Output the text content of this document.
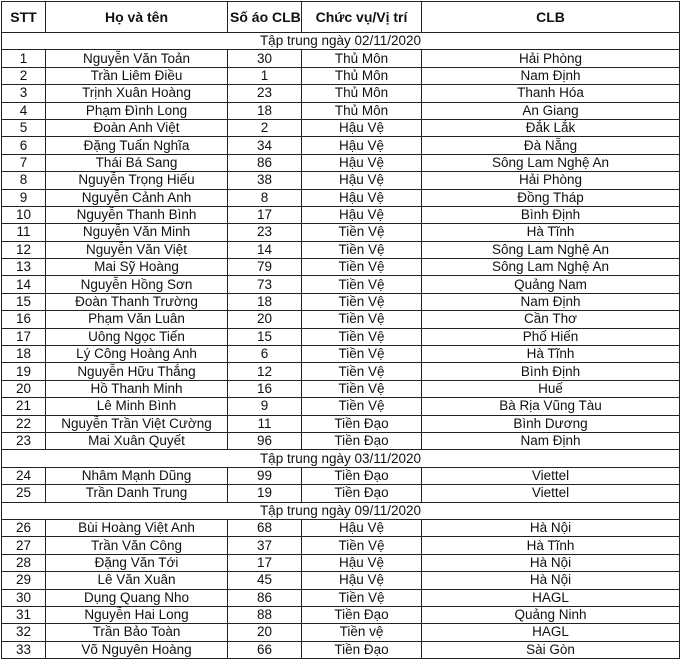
STT	Họ và tên	Số áo CLB	Chức vụ/Vị trí	CLB
Tập trung ngày 02/11/2020				
1	Nguyễn Văn Toản	30	Thủ Môn	Hải Phòng
2	Trần Liêm Điều	1	Thủ Môn	Nam Định
3	Trịnh Xuân Hoàng	23	Thủ Môn	Thanh Hóa
4	Phạm Đình Long	18	Thủ Môn	An Giang
5	Đoàn Anh Việt	2	Hậu Vệ	Đắk Lắk
6	Đặng Tuấn Nghĩa	34	Hậu Vệ	Đà Nẵng
7	Thái Bá Sang	86	Hậu Vệ	Sông Lam Nghệ An
8	Nguyễn Trọng Hiếu	38	Hậu Vệ	Hải Phòng
9	Nguyễn Cảnh Anh	8	Hậu Vệ	Đồng Tháp
10	Nguyễn Thanh Bình	17	Hậu Vệ	Bình Định
11	Nguyễn Văn Minh	23	Tiền Vệ	Hà Tĩnh
12	Nguyễn Văn Việt	14	Tiền Vệ	Sông Lam Nghệ An
13	Mai Sỹ Hoàng	79	Tiền Vệ	Sông Lam Nghệ An
14	Nguyễn Hồng Sơn	73	Tiền Vệ	Quảng Nam
15	Đoàn Thanh Trường	18	Tiền Vệ	Nam Định
16	Phạm Văn Luân	20	Tiền Vệ	Cần Thơ
17	Uông Ngọc Tiến	15	Tiền Vệ	Phố Hiến
18	Lý Công Hoàng Anh	6	Tiền Vệ	Hà Tĩnh
19	Nguyễn Hữu Thắng	12	Tiền Vệ	Bình Định
20	Hồ Thanh Minh	16	Tiền Vệ	Huế
21	Lê Minh Bình	9	Tiền Vệ	Bà Rịa Vũng Tàu
22	Nguyễn Trần Việt Cường	11	Tiền Đạo	Bình Dương
23	Mai Xuân Quyết	96	Tiền Đạo	Nam Định
Tập trung ngày 03/11/2020				
24	Nhâm Mạnh Dũng	99	Tiền Đạo	Viettel
25	Trần Danh Trung	19	Tiền Đạo	Viettel
Tập trung ngày 09/11/2020				
26	Bùi Hoàng Việt Anh	68	Hậu Vệ	Hà Nội
27	Trần Văn Công	37	Tiền Vệ	Hà Tĩnh
28	Đặng Văn Tới	17	Hậu Vệ	Hà Nội
29	Lê Văn Xuân	45	Hậu Vệ	Hà Nội
30	Dụng Quang Nho	86	Tiền Vệ	HAGL
31	Nguyễn Hai Long	88	Tiền Đạo	Quảng Ninh
32	Trần Bảo Toàn	20	Tiền vệ	HAGL
33	Võ Nguyên Hoàng	66	Tiền Đạo	Sài Gòn
